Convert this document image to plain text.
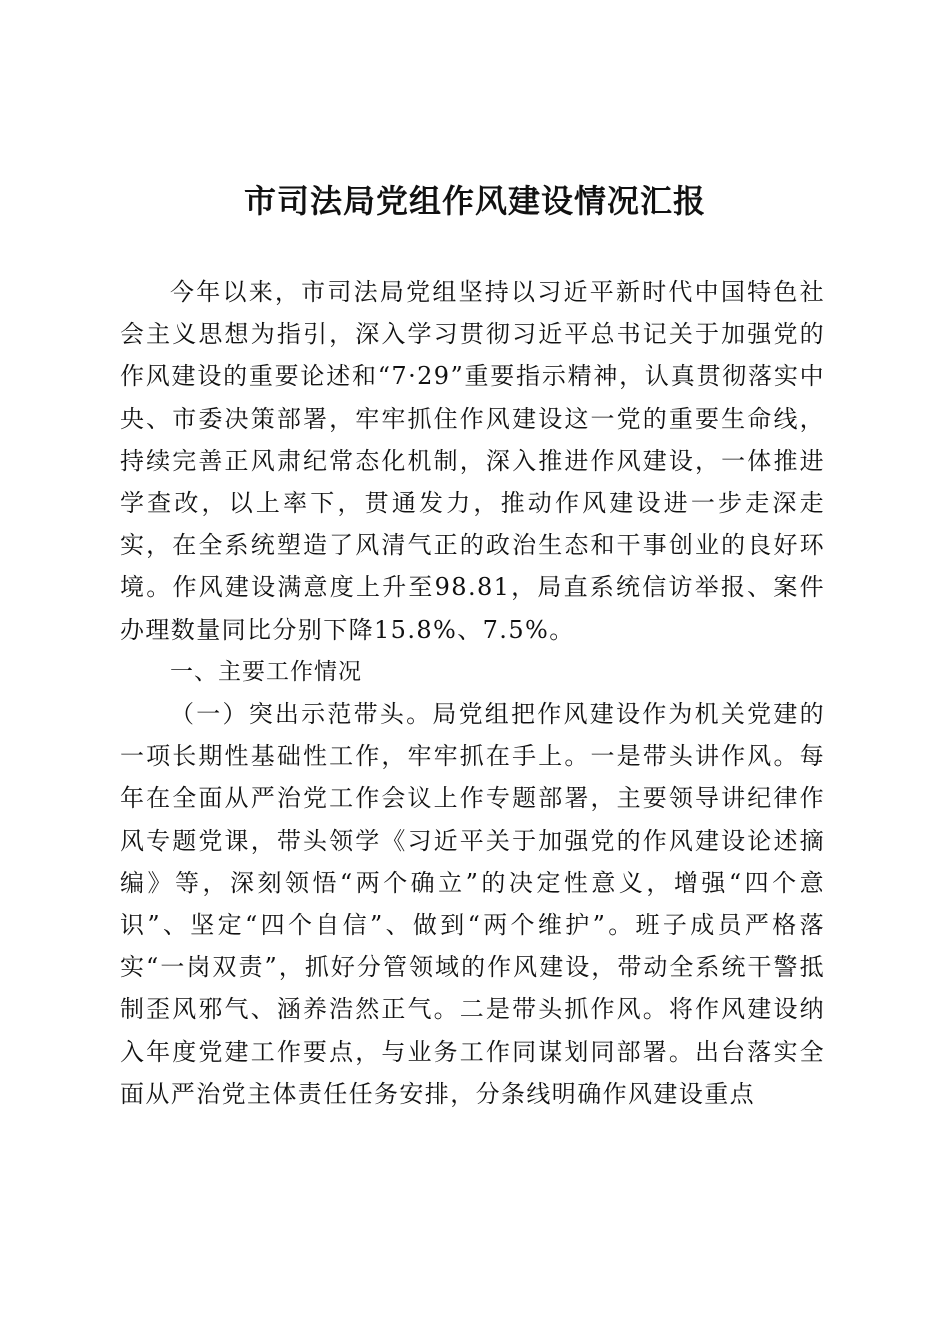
市司法局党组作风建设情况汇报

今年以来，市司法局党组坚持以习近平新时代中国特色社会主义思想为指引，深入学习贯彻习近平总书记关于加强党的作风建设的重要论述和“7·29”重要指示精神，认真贯彻落实中央、市委决策部署，牢牢抓住作风建设这一党的重要生命线，持续完善正风肃纪常态化机制，深入推进作风建设，一体推进学查改，以上率下，贯通发力，推动作风建设进一步走深走实，在全系统塑造了风清气正的政治生态和干事创业的良好环境。作风建设满意度上升至98.81，局直系统信访举报、案件办理数量同比分别下降15.8%、7.5%。

一、主要工作情况

（一）突出示范带头。局党组把作风建设作为机关党建的一项长期性基础性工作，牢牢抓在手上。一是带头讲作风。每年在全面从严治党工作会议上作专题部署，主要领导讲纪律作风专题党课，带头领学《习近平关于加强党的作风建设论述摘编》等，深刻领悟“两个确立”的决定性意义，增强“四个意识”、坚定“四个自信”、做到“两个维护”。班子成员严格落实“一岗双责”，抓好分管领域的作风建设，带动全系统干警抵制歪风邪气、涵养浩然正气。二是带头抓作风。将作风建设纳入年度党建工作要点，与业务工作同谋划同部署。出台落实全面从严治党主体责任任务安排，分条线明确作风建设重点
